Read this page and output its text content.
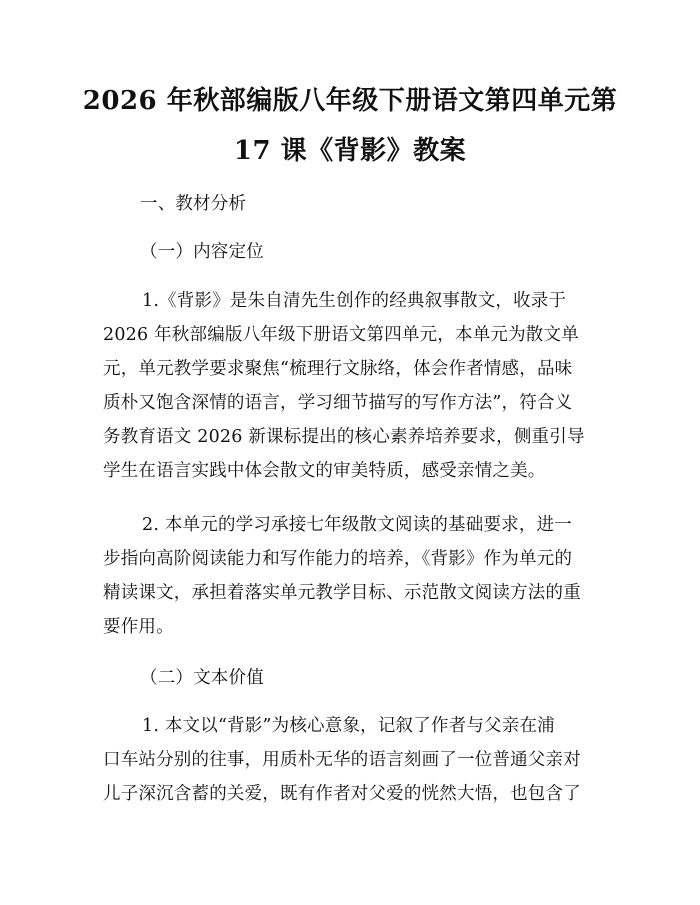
2026 年秋部编版八年级下册语文第四单元第
17 课《背影》教案
一、教材分析
（一）内容定位
1.《背影》是朱自清先生创作的经典叙事散文，收录于
2026 年秋部编版八年级下册语文第四单元，本单元为散文单
元，单元教学要求聚焦“梳理行文脉络，体会作者情感，品味
质朴又饱含深情的语言，学习细节描写的写作方法”，符合义
务教育语文 2026 新课标提出的核心素养培养要求，侧重引导
学生在语言实践中体会散文的审美特质，感受亲情之美。
2. 本单元的学习承接七年级散文阅读的基础要求，进一
步指向高阶阅读能力和写作能力的培养，《背影》作为单元的
精读课文，承担着落实单元教学目标、示范散文阅读方法的重
要作用。
（二）文本价值
1. 本文以“背影”为核心意象，记叙了作者与父亲在浦
口车站分别的往事，用质朴无华的语言刻画了一位普通父亲对
儿子深沉含蓄的关爱，既有作者对父爱的恍然大悟，也包含了
